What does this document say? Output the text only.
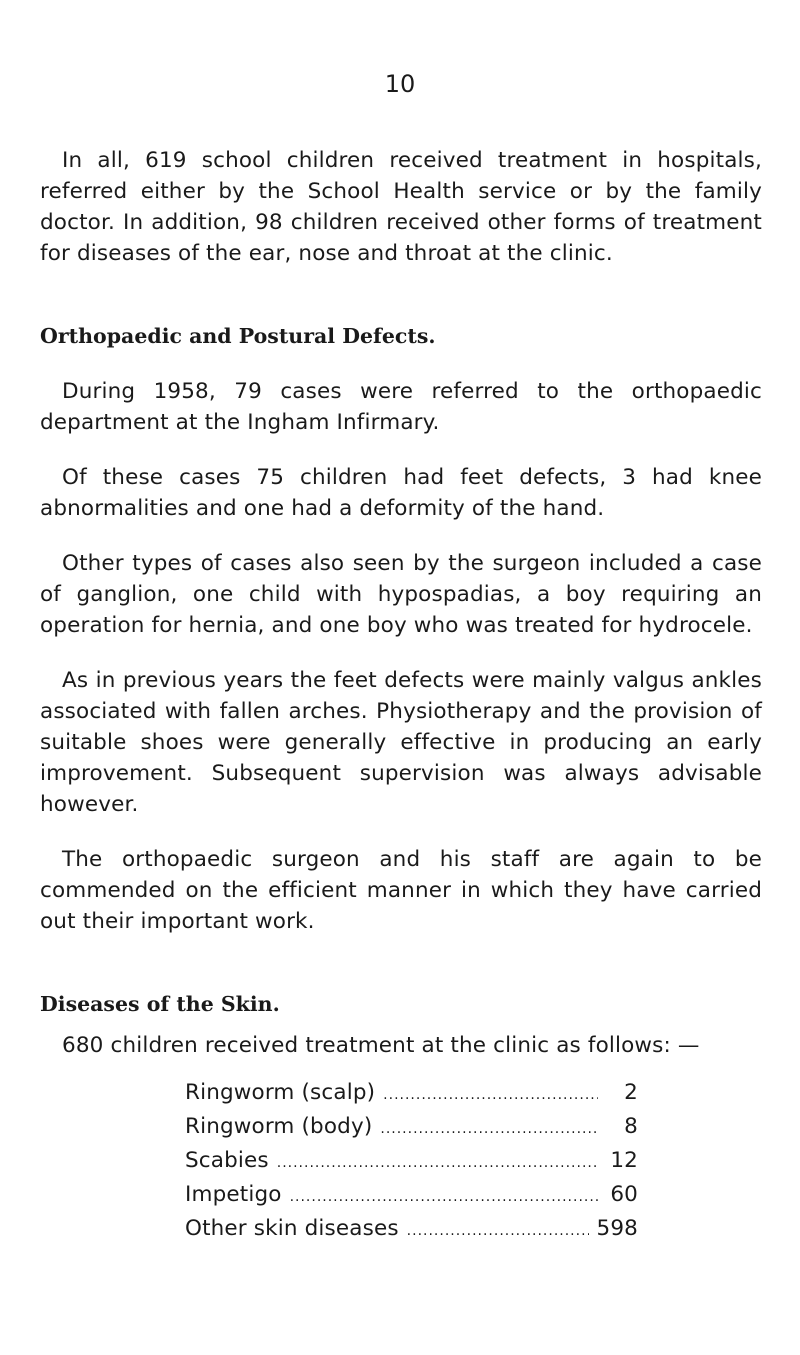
10

In all, 619 school children received treatment in hospitals, referred either by the School Health service or by the family doctor. In addition, 98 children received other forms of treatment for diseases of the ear, nose and throat at the clinic.

Orthopaedic and Postural Defects.

During 1958, 79 cases were referred to the orthopaedic department at the Ingham Infirmary.

Of these cases 75 children had feet defects, 3 had knee abnormalities and one had a deformity of the hand.

Other types of cases also seen by the surgeon included a case of ganglion, one child with hypospadias, a boy requiring an operation for hernia, and one boy who was treated for hydrocele.

As in previous years the feet defects were mainly valgus ankles associated with fallen arches. Physiotherapy and the provision of suitable shoes were generally effective in producing an early improvement. Subsequent supervision was always advisable however.

The orthopaedic surgeon and his staff are again to be commended on the efficient manner in which they have carried out their important work.

Diseases of the Skin.

680 children received treatment at the clinic as follows: —

Ringworm (scalp) .....	2
Ringworm (body) .....	8
Scabies .....	12
Impetigo .....	60
Other skin diseases .....	598
